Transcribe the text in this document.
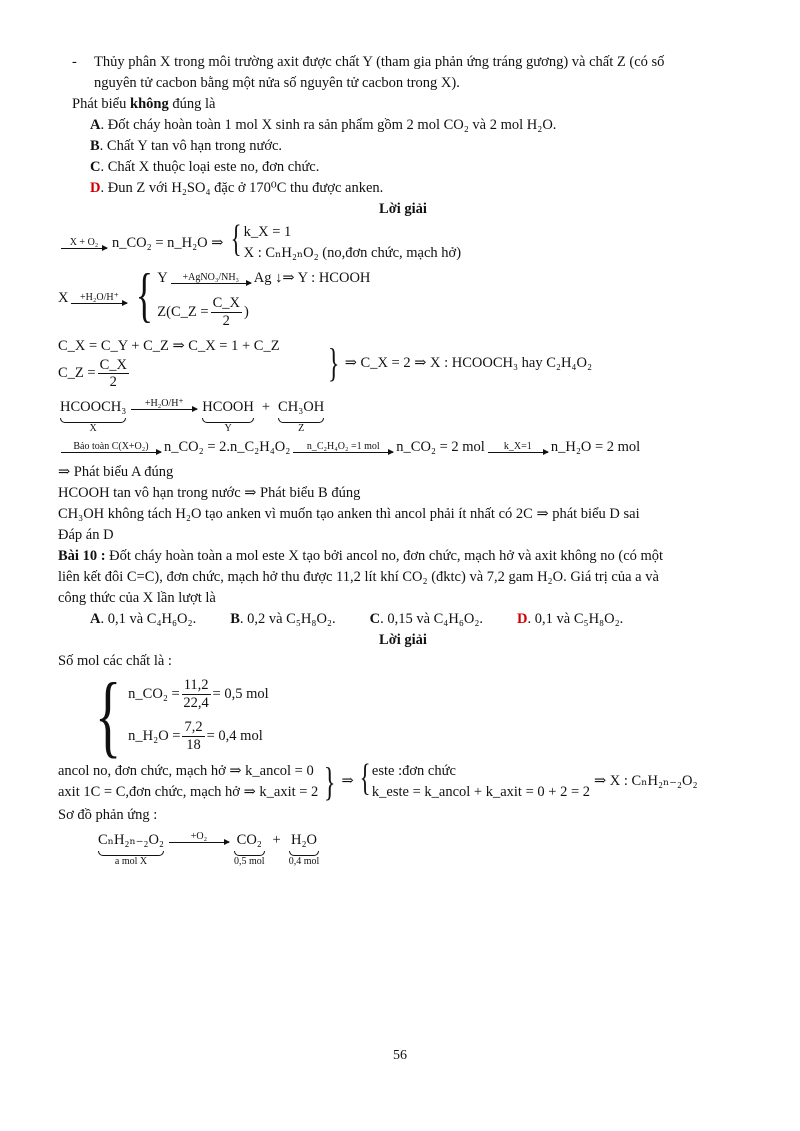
-	Thủy phân X trong môi trường axit được chất Y (tham gia phản ứng tráng gương) và chất Z (có số

nguyên tử cacbon bằng một nửa số nguyên tử cacbon trong X).

Phát biểu không đúng là

A. Đốt cháy hoàn toàn 1 mol X sinh ra sản phẩm gồm 2 mol CO₂ và 2 mol H₂O.

B. Chất Y tan vô hạn trong nước.

C. Chất X thuộc loại este no, đơn chức.

D. Đun Z với H₂SO₄ đặc ở 170⁰C thu được anken.

Lời giải

X + O₂ n_CO₂ = n_H₂O ⇒ { k_X = 1
X : CₙH₂ₙO₂ (no,đơn chức, mạch hở)
X	+H₂O/H⁺ { Y	+AgNO₃/NH₃ Ag ↓⇒ Y : HCOOH
Z(C_Z = $\frac{C\_X}{2}$ )
C_X = C_Y + C_Z ⇒ C_X = 1 + C_Z
C_Z = $\frac{C\_X}{2}$	} ⇒ C_X = 2 ⇒ X : HCOOCH₃ hay C₂H₄O₂
HCOOCH₃
X
+H₂O/H⁺ HCOOH
Y
+ CH₃OH
Z
Bảo toàn C(X+O₂) n_CO₂ = 2.n_C₂H₄O₂	n_C₂H₄O₂ =1 mol n_CO₂ = 2 mol	k_X=1 n_H₂O = 2 mol

⇒ Phát biểu A đúng

HCOOH tan vô hạn trong nước ⇒ Phát biểu B đúng

CH₃OH không tách H₂O tạo anken vì muốn tạo anken thì ancol phải ít nhất có 2C ⇒ phát biểu D sai

Đáp án D

Bài 10 : Đốt cháy hoàn toàn a mol este X tạo bởi ancol no, đơn chức, mạch hở và axit không no (có một

liên kết đôi C=C), đơn chức, mạch hở thu được 11,2 lít khí CO₂ (đktc) và 7,2 gam H₂O. Giá trị của a và

công thức của X lần lượt là

A. 0,1 và C₄H₆O₂. B. 0,2 và C₅H₈O₂. C. 0,15 và C₄H₆O₂. D. 0,1 và C₅H₈O₂.

Lời giải

Số mol các chất là :

{ n_CO₂ = $\frac{11,2}{22,4} = 0,5$ mol
n_H₂O = $\frac{7,2}{18} = 0,4$ mol
ancol no, đơn chức, mạch hở ⇒ k_ancol = 0
axit 1C = C,đơn chức, mạch hở ⇒ k_axit = 2 } ⇒ { este :đơn chức
k_este = k_ancol + k_axit = 0 + 2 = 2
⇒ X : CₙH₂ₙ₋₂O₂

Sơ đồ phản ứng :

CₙH₂ₙ₋₂O₂
a mol X
+O₂ CO₂
0,5 mol
+ H₂O
0,4 mol
56
